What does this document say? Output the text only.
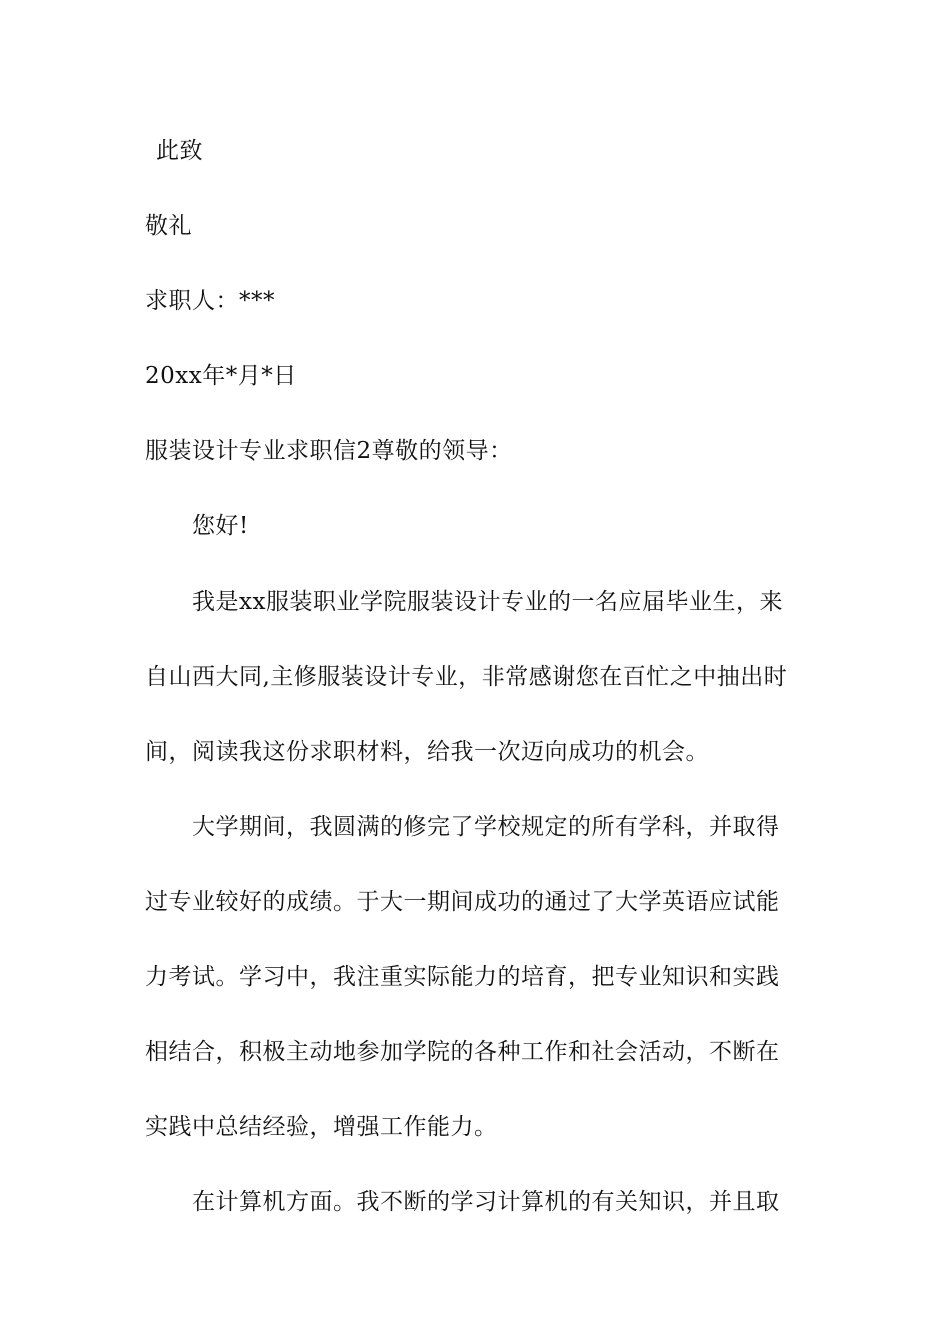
此致
敬礼
求职人：***
20xx年*月*日
服装设计专业求职信2尊敬的领导：
您好!
我是xx服装职业学院服装设计专业的一名应届毕业生，来
自山西大同,主修服装设计专业，非常感谢您在百忙之中抽出时
间，阅读我这份求职材料，给我一次迈向成功的机会。
大学期间，我圆满的修完了学校规定的所有学科，并取得
过专业较好的成绩。于大一期间成功的通过了大学英语应试能
力考试。学习中，我注重实际能力的培育，把专业知识和实践
相结合，积极主动地参加学院的各种工作和社会活动，不断在
实践中总结经验，增强工作能力。
在计算机方面。我不断的学习计算机的有关知识，并且取
